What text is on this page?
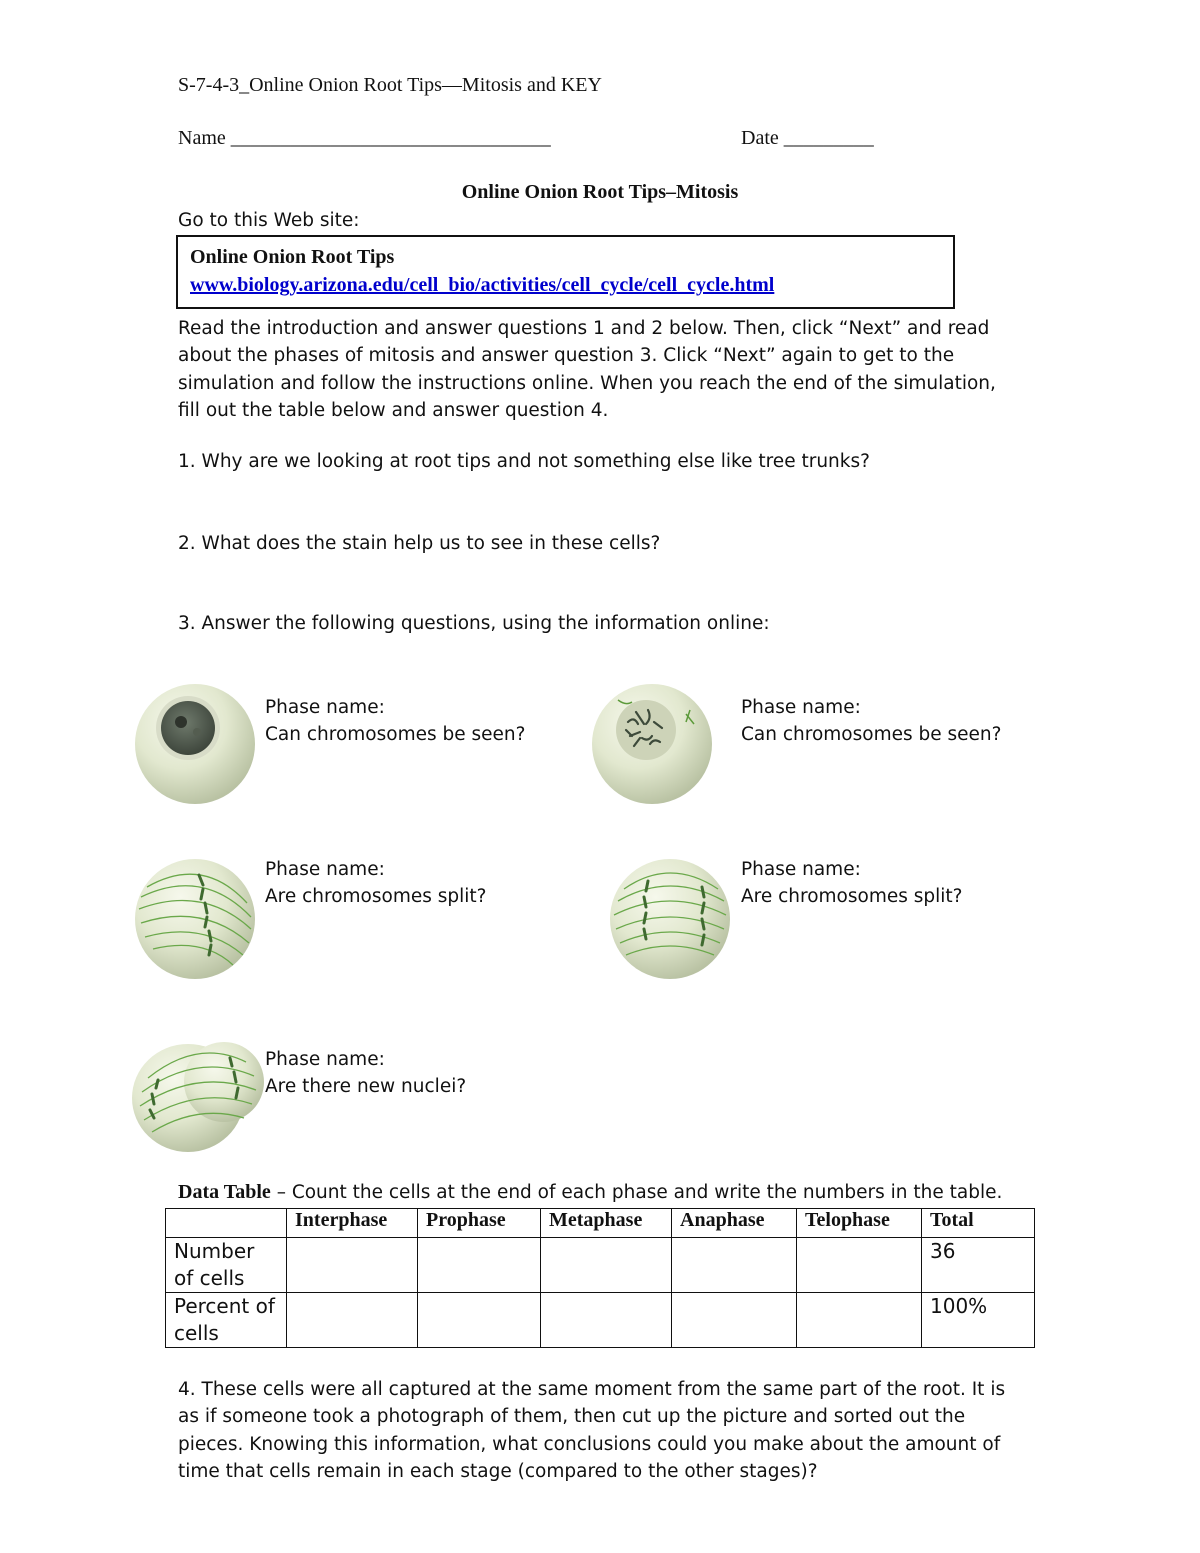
S-7-4-3_Online Onion Root Tips—Mitosis and KEY
Name ________________________________	Date _________
Online Onion Root Tips–Mitosis
Go to this Web site:
Online Onion Root Tips
www.biology.arizona.edu/cell_bio/activities/cell_cycle/cell_cycle.html
Read the introduction and answer questions 1 and 2 below. Then, click “Next” and read
about the phases of mitosis and answer question 3. Click “Next” again to get to the
simulation and follow the instructions online. When you reach the end of the simulation,
fill out the table below and answer question 4.
1. Why are we looking at root tips and not something else like tree trunks?
2. What does the stain help us to see in these cells?
3. Answer the following questions, using the information online:
Phase name:
Can chromosomes be seen?
Phase name:
Can chromosomes be seen?
Phase name:
Are chromosomes split?
Phase name:
Are chromosomes split?
Phase name:
Are there new nuclei?
Data Table – Count the cells at the end of each phase and write the numbers in the table.
	Interphase	Prophase	Metaphase	Anaphase	Telophase	Total

Number
of cells						36

Percent of
cells						100%
4. These cells were all captured at the same moment from the same part of the root. It is
as if someone took a photograph of them, then cut up the picture and sorted out the
pieces. Knowing this information, what conclusions could you make about the amount of
time that cells remain in each stage (compared to the other stages)?
